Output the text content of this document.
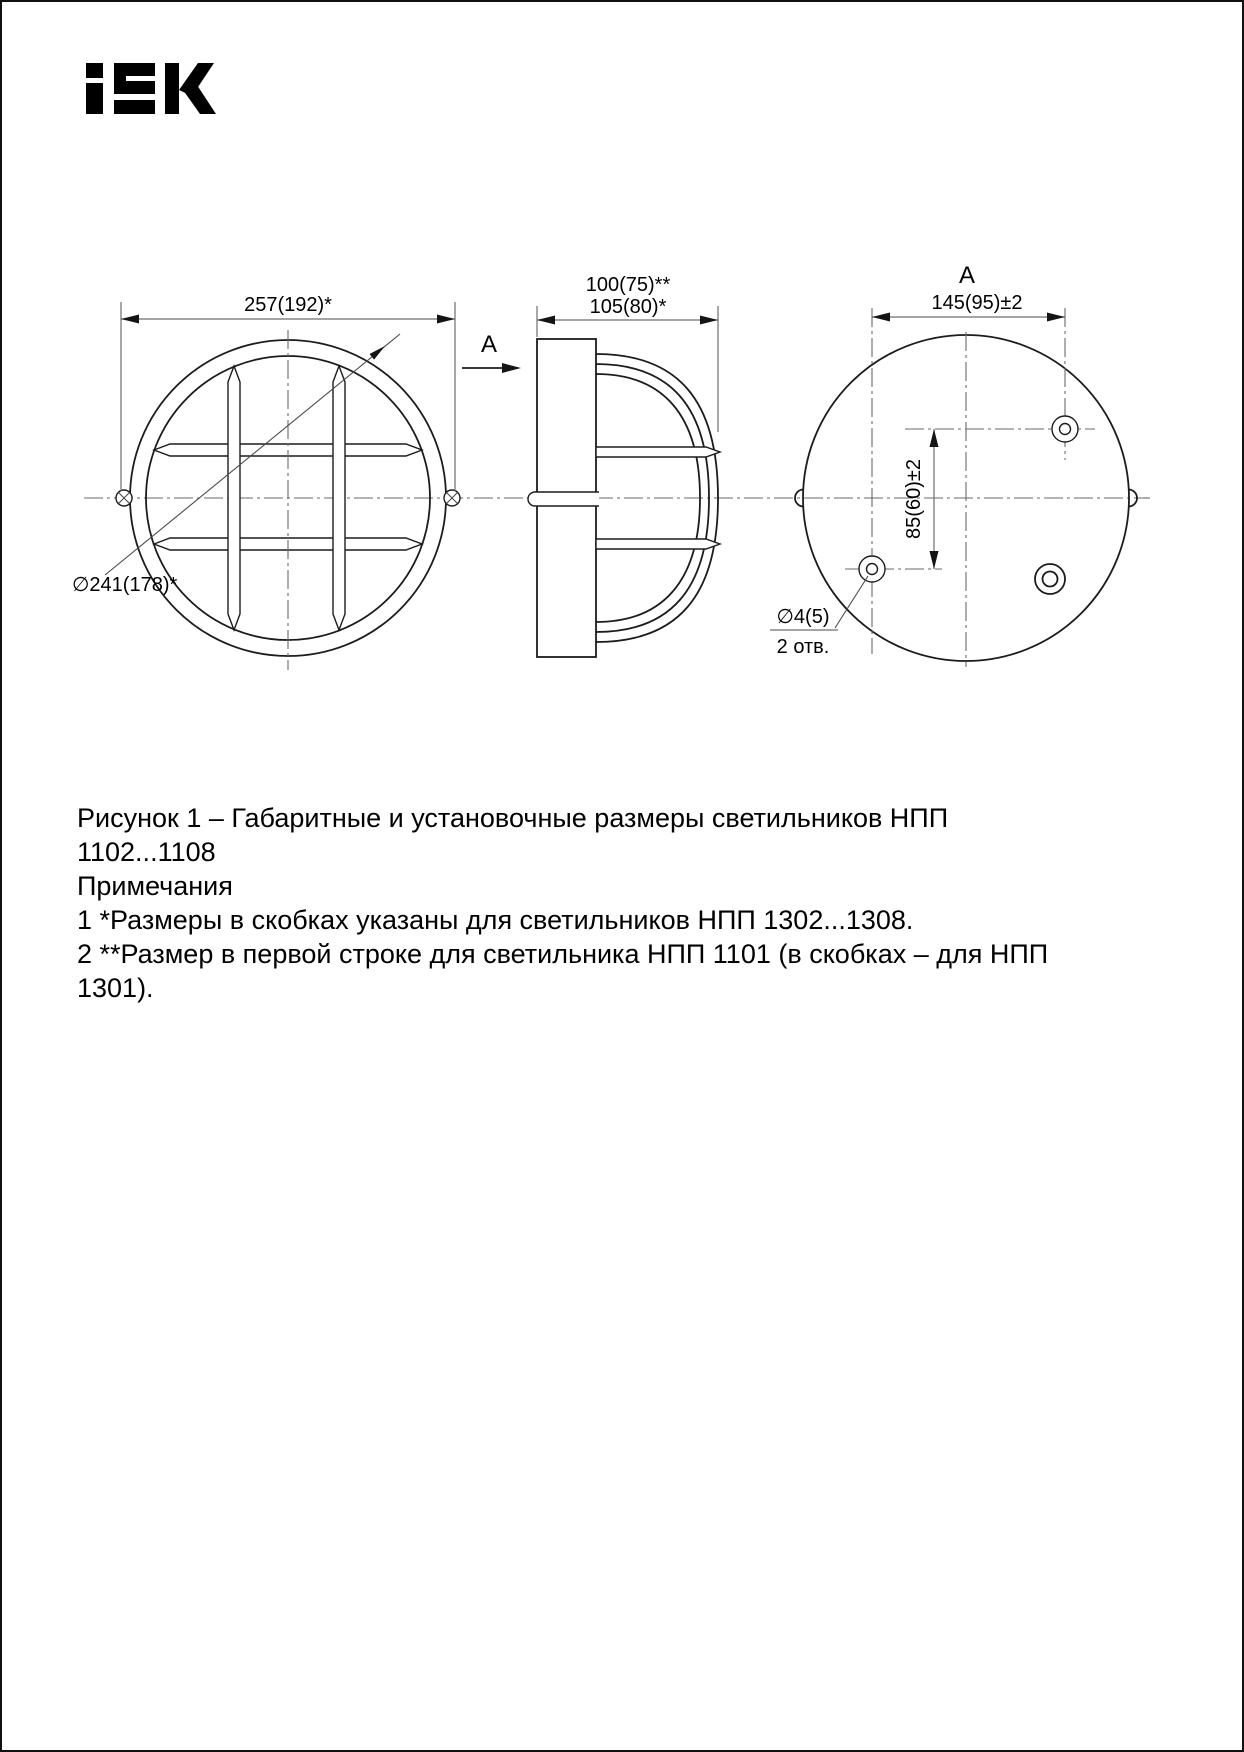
257(192)*
∅241(178)*
A
100(75)**
105(80)*
A
145(95)±2
85(60)±2
∅4(5)
2 отв.
Рисунок 1 – Габаритные и установочные размеры светильников НПП 1102...1108
Примечания
1 *Размеры в скобках указаны для светильников НПП 1302...1308.
2 **Размер в первой строке для светильника НПП 1101 (в скобках – для НПП 1301).
